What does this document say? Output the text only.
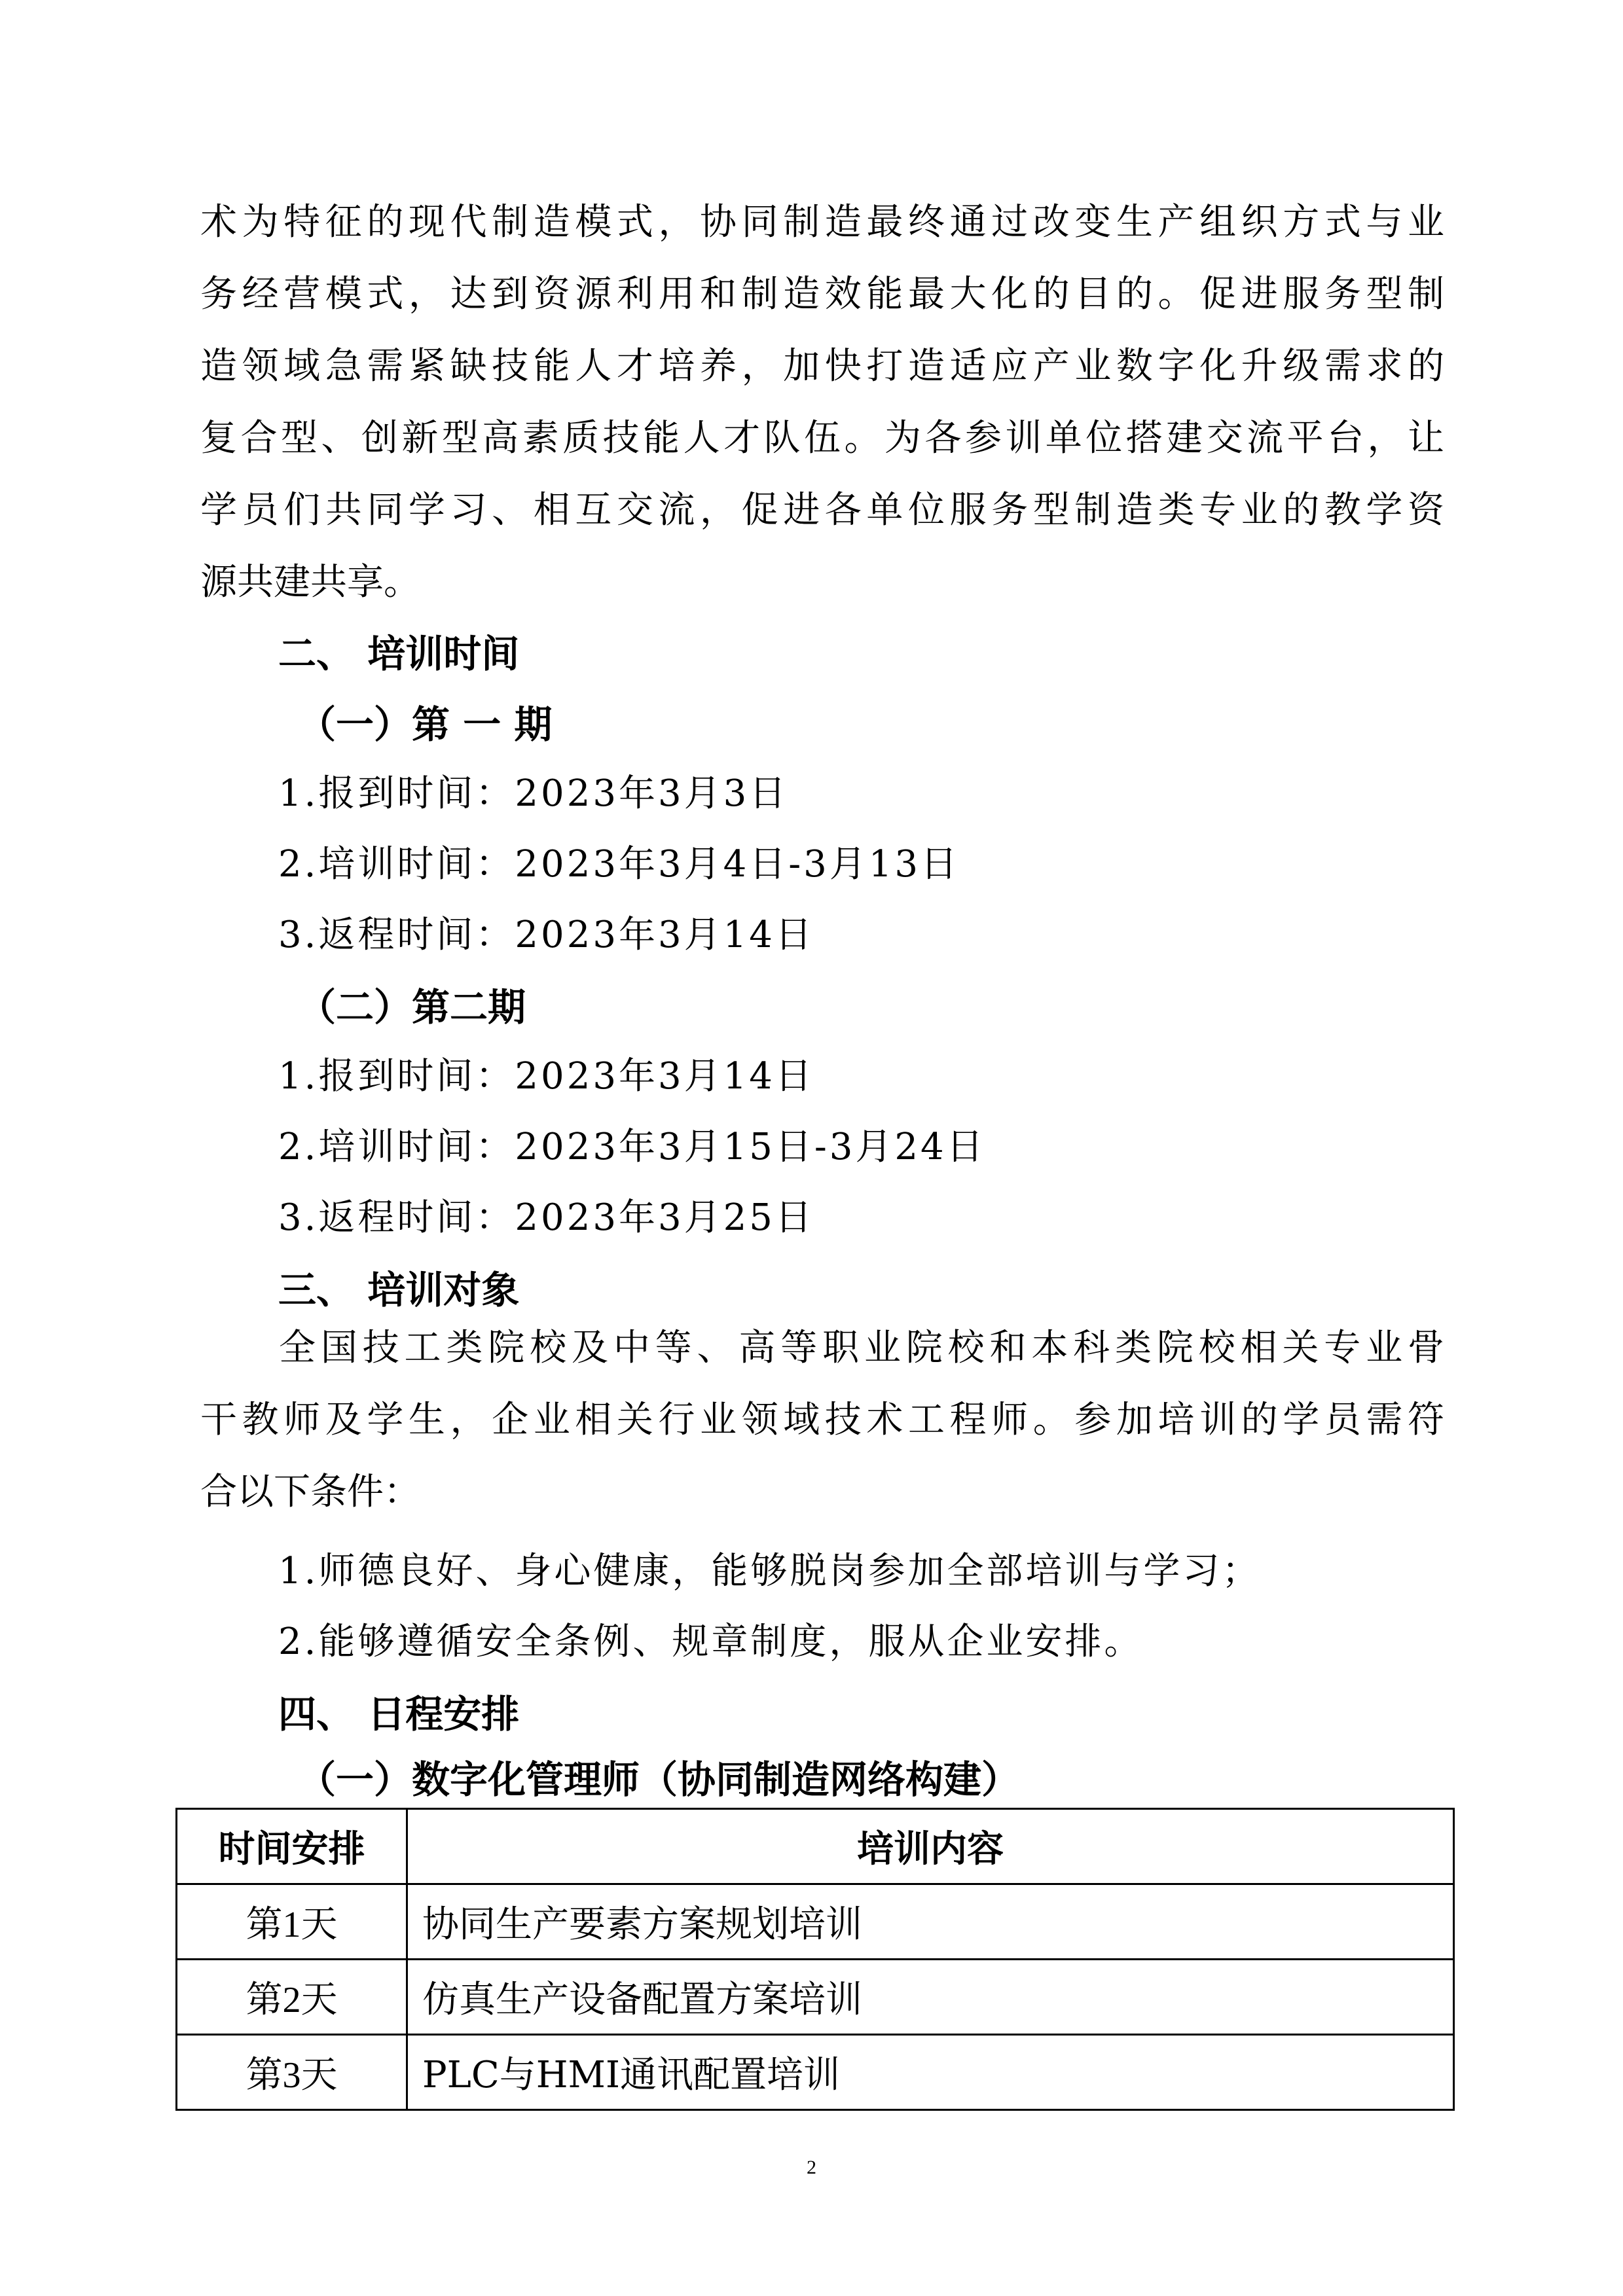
术为特征的现代制造模式，协同制造最终通过改变生产组织方式与业
务经营模式，达到资源利用和制造效能最大化的目的。促进服务型制
造领域急需紧缺技能人才培养，加快打造适应产业数字化升级需求的
复合型、创新型高素质技能人才队伍。为各参训单位搭建交流平台，让
学员们共同学习、相互交流，促进各单位服务型制造类专业的教学资
源共建共享。
二、 培训时间
（一）第 一 期
1.报到时间：2023年3月3日
2.培训时间：2023年3月4日-3月13日
3.返程时间：2023年3月14日
（二）第二期
1.报到时间：2023年3月14日
2.培训时间：2023年3月15日-3月24日
3.返程时间：2023年3月25日
三、 培训对象
全国技工类院校及中等、高等职业院校和本科类院校相关专业骨
干教师及学生，企业相关行业领域技术工程师。参加培训的学员需符
合以下条件：
1.师德良好、身心健康，能够脱岗参加全部培训与学习；
2.能够遵循安全条例、规章制度，服从企业安排。
四、 日程安排
（一）数字化管理师（协同制造网络构建）
时间安排	培训内容
第1天	协同生产要素方案规划培训
第2天	仿真生产设备配置方案培训
第3天	PLC与HMI通讯配置培训
2
